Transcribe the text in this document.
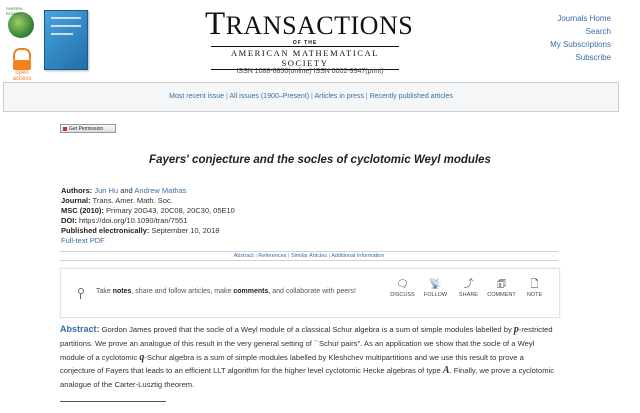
SHERPA ROMEO
open
access
TRANSACTIONS
OF THE
AMERICAN MATHEMATICAL SOCIETY
ISSN 1088-6850(online) ISSN 0002-9947(print)
Journals Home
Search
My Subscriptions
Subscribe
Most recent issue | All issues (1900–Present) | Articles in press | Recently published articles
Get Permission
Fayers' conjecture and the socles of cyclotomic Weyl modules
Authors: Jun Hu and Andrew Mathas
Journal: Trans. Amer. Math. Soc.
MSC (2010): Primary 20G43, 20C08, 20C30, 05E10
DOI: https://doi.org/10.1090/tran/7551
Published electronically: September 10, 2018
Full-text PDF
Abstract | References | Similar Articles | Additional Information
Take notes, share and follow articles, make comments, and collaborate with peers!
🗨
DISCUSS
📡
FOLLOW
⤴
SHARE
🗊
COMMENT
🗋
NOTE
Abstract: Gordon James proved that the socle of a Weyl module of a classical Schur algebra is a sum of simple modules labelled by p-restricted partitions. We prove an analogue of this result in the very general setting of ``Schur pairs". As an application we show that the socle of a Weyl module of a cyclotomic q-Schur algebra is a sum of simple modules labelled by Kleshchev multipartitions and we use this result to prove a conjecture of Fayers that leads to an efficient LLT algorithm for the higher level cyclotomic Hecke algebras of type A. Finally, we prove a cyclotomic analogue of the Carter-Lusztig theorem.
